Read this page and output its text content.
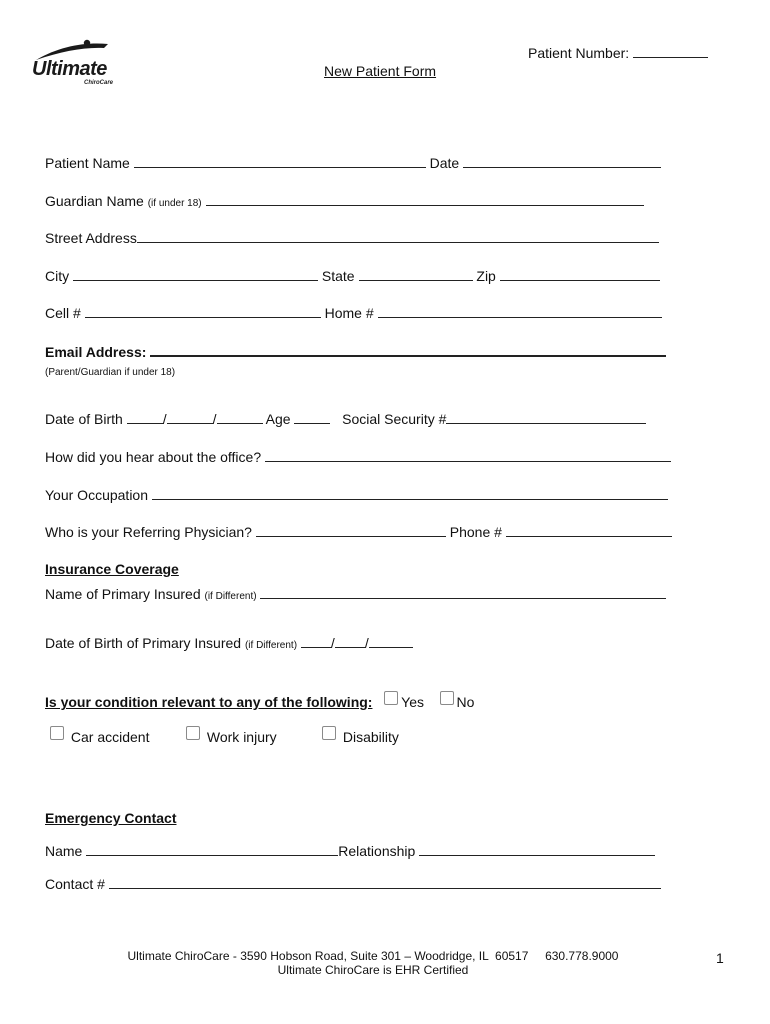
Ultimate
ChiroCare
Patient Number:
New Patient Form
Patient Name	Date
Guardian Name (if under 18)
Street Address
City	State	Zip
Cell #	Home #
Email Address:
(Parent/Guardian if under 18)
Date of Birth	/	/	Age	Social Security #
How did you hear about the office?
Your Occupation
Who is your Referring Physician?	Phone #
Insurance Coverage
Name of Primary Insured (if Different)
Date of Birth of Primary Insured (if Different) / /
Is your condition relevant to any of the following: Yes No
Car accident	Work injury	Disability
Emergency Contact
Name	Relationship
Contact #
Ultimate ChiroCare - 3590 Hobson Road, Suite 301 – Woodridge, IL  60517     630.778.9000
Ultimate ChiroCare is EHR Certified
1
